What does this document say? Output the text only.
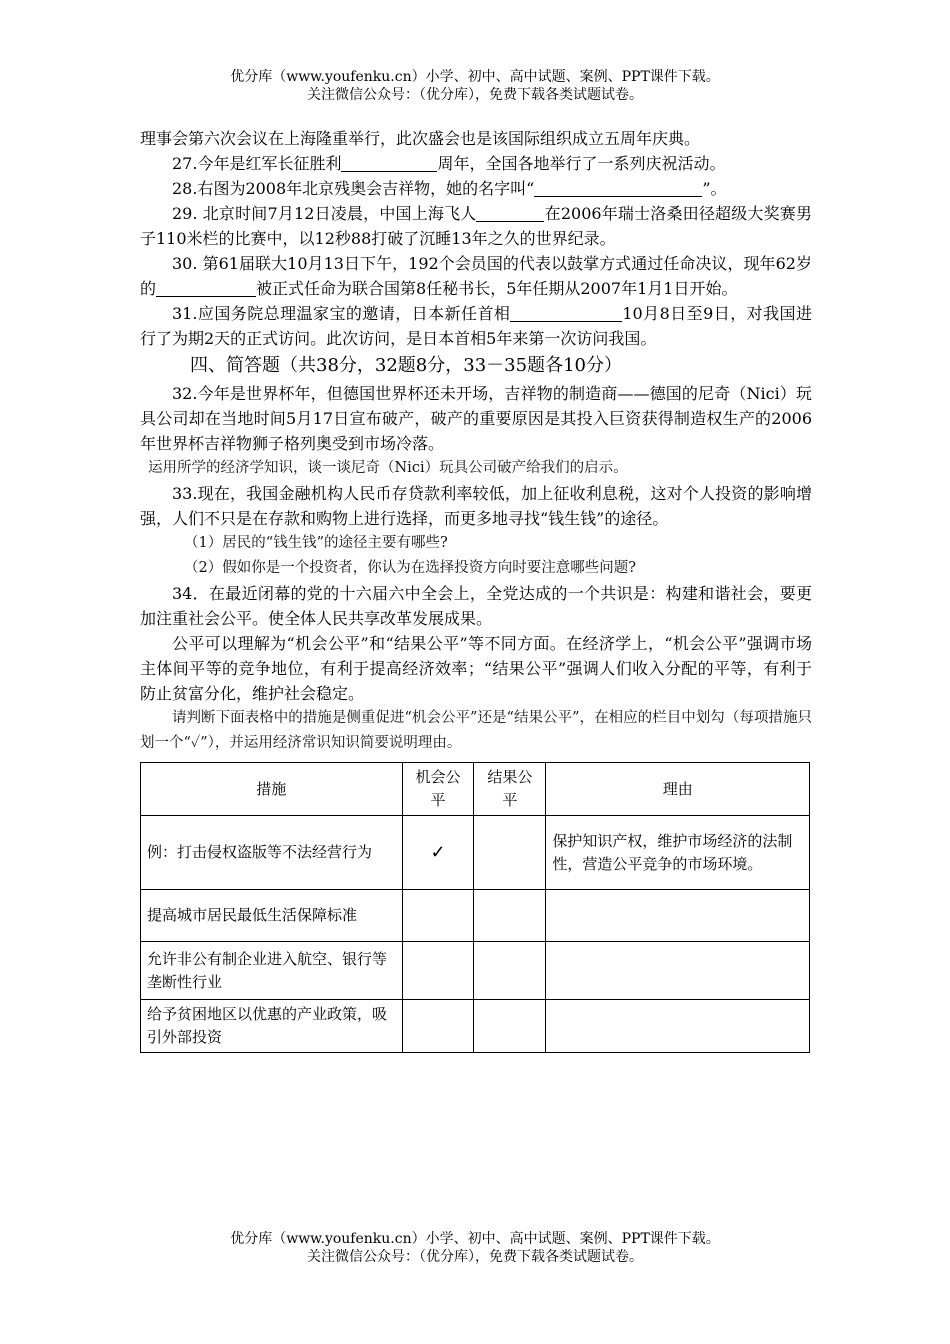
优分库（www.youfenku.cn）小学、初中、高中试题、案例、PPT课件下载。
关注微信公众号：（优分库），免费下载各类试题试卷。

理事会第六次会议在上海隆重举行，此次盛会也是该国际组织成立五周年庆典。

27.今年是红军长征胜利	周年，全国各地举行了一系列庆祝活动。

28.右图为2008年北京残奥会吉祥物，她的名字叫“	”。

29. 北京时间7月12日凌晨，中国上海飞人	在2006年瑞士洛桑田径超级大奖赛男子110米栏的比赛中，以12秒88打破了沉睡13年之久的世界纪录。

30. 第61届联大10月13日下午，192个会员国的代表以鼓掌方式通过任命决议，现年62岁的	被正式任命为联合国第8任秘书长，5年任期从2007年1月1日开始。

31.应国务院总理温家宝的邀请，日本新任首相	10月8日至9日，对我国进行了为期2天的正式访问。此次访问，是日本首相5年来第一次访问我国。

四、简答题（共38分，32题8分，33－35题各10分）

32.今年是世界杯年，但德国世界杯还未开场，吉祥物的制造商——德国的尼奇（Nici）玩具公司却在当地时间5月17日宣布破产，破产的重要原因是其投入巨资获得制造权生产的2006年世界杯吉祥物狮子格列奥受到市场冷落。

运用所学的经济学知识，谈一谈尼奇（Nici）玩具公司破产给我们的启示。

33.现在，我国金融机构人民币存贷款利率较低，加上征收利息税，这对个人投资的影响增强，人们不只是在存款和购物上进行选择，而更多地寻找“钱生钱”的途径。

（1）居民的“钱生钱”的途径主要有哪些?

（2）假如你是一个投资者，你认为在选择投资方向时要注意哪些问题?

34．在最近闭幕的党的十六届六中全会上，全党达成的一个共识是：构建和谐社会，要更加注重社会公平。使全体人民共享改革发展成果。

公平可以理解为“机会公平”和“结果公平”等不同方面。在经济学上，“机会公平”强调市场主体间平等的竞争地位，有利于提高经济效率；“结果公平”强调人们收入分配的平等，有利于防止贫富分化，维护社会稳定。

请判断下面表格中的措施是侧重促进“机会公平”还是“结果公平”，在相应的栏目中划勾（每项措施只划一个“✓”），并运用经济常识知识简要说明理由。

措施	机会公平	结果公平	理由
例：打击侵权盗版等不法经营行为	✓		保护知识产权，维护市场经济的法制性，营造公平竞争的市场环境。
提高城市居民最低生活保障标准			
允许非公有制企业进入航空、银行等垄断性行业			
给予贫困地区以优惠的产业政策，吸引外部投资			
优分库（www.youfenku.cn）小学、初中、高中试题、案例、PPT课件下载。
关注微信公众号：（优分库），免费下载各类试题试卷。
